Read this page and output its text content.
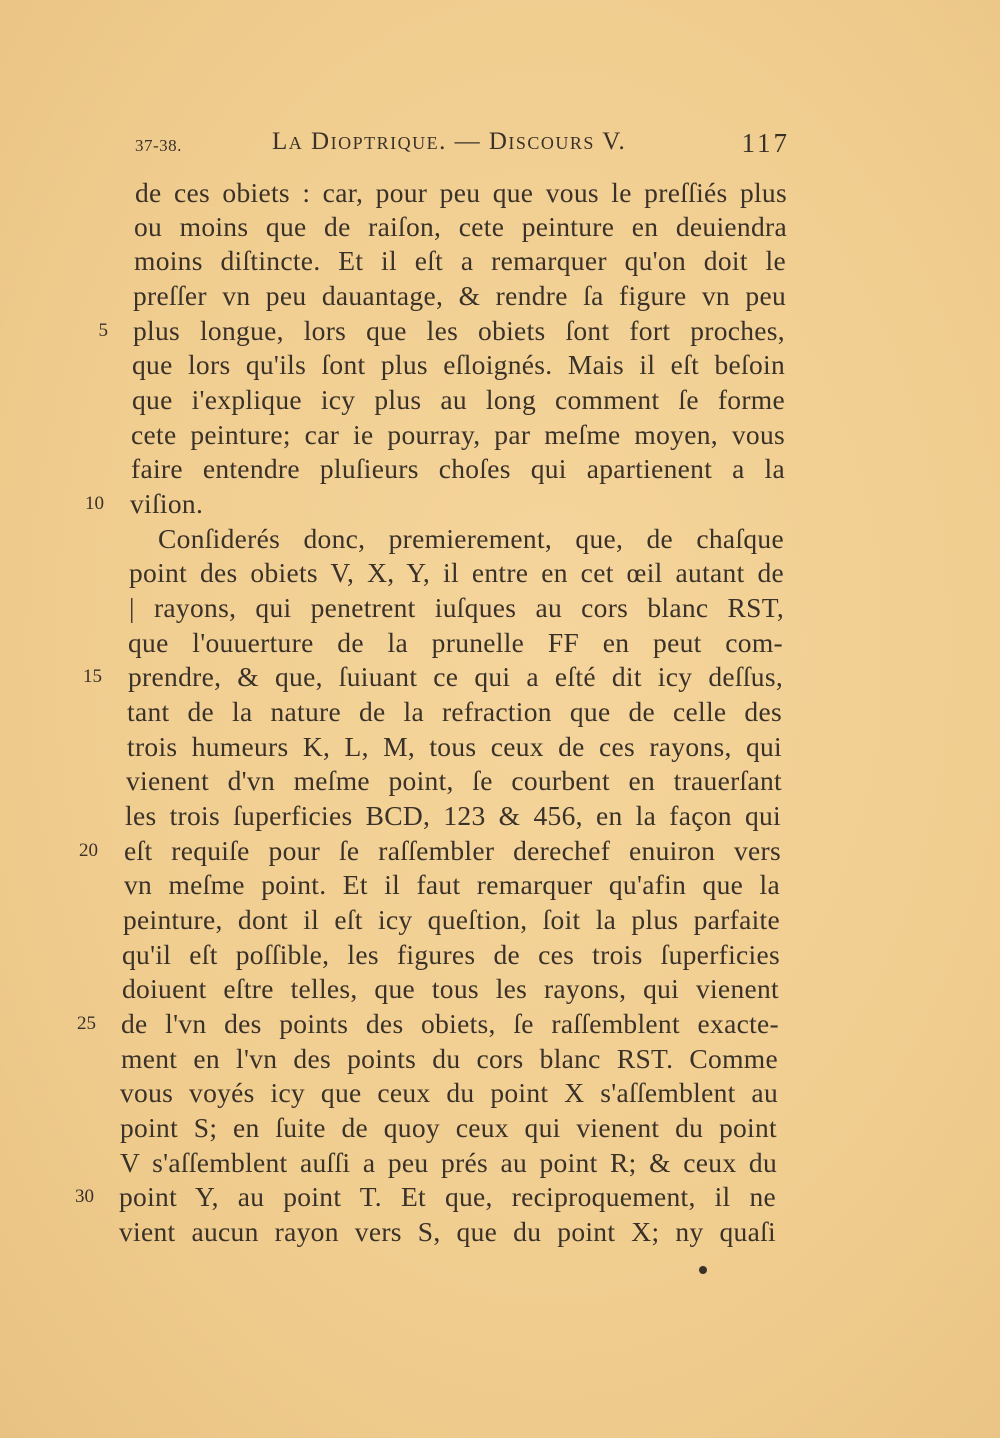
37-38.	La Dioptrique. — Discours V.	117
de ces obiets : car, pour peu que vous le preſſiés plus
ou moins que de raiſon, cete peinture en deuiendra
moins diſtincte. Et il eſt a remarquer qu'on doit le
preſſer vn peu dauantage, & rendre ſa figure vn peu
plus longue, lors que les obiets ſont fort proches,
que lors qu'ils ſont plus eſloignés. Mais il eſt beſoin
que i'explique icy plus au long comment ſe forme
cete peinture; car ie pourray, par meſme moyen, vous
faire entendre pluſieurs choſes qui apartienent a la
viſion.
Conſiderés donc, premierement, que, de chaſque
point des obiets V, X, Y, il entre en cet œil autant de
| rayons, qui penetrent iuſques au cors blanc RST,
que l'ouuerture de la prunelle FF en peut com-
prendre, & que, ſuiuant ce qui a eſté dit icy deſſus,
tant de la nature de la refraction que de celle des
trois humeurs K, L, M, tous ceux de ces rayons, qui
vienent d'vn meſme point, ſe courbent en trauerſant
les trois ſuperficies BCD, 123 & 456, en la façon qui
eſt requiſe pour ſe raſſembler derechef enuiron vers
vn meſme point. Et il faut remarquer qu'afin que la
peinture, dont il eſt icy queſtion, ſoit la plus parfaite
qu'il eſt poſſible, les figures de ces trois ſuperficies
doiuent eſtre telles, que tous les rayons, qui vienent
de l'vn des points des obiets, ſe raſſemblent exacte-
ment en l'vn des points du cors blanc RST. Comme
vous voyés icy que ceux du point X s'aſſemblent au
point S; en ſuite de quoy ceux qui vienent du point
V s'aſſemblent auſſi a peu prés au point R; & ceux du
point Y, au point T. Et que, reciproquement, il ne
vient aucun rayon vers S, que du point X; ny quaſi
5
10
15
20
25
30
